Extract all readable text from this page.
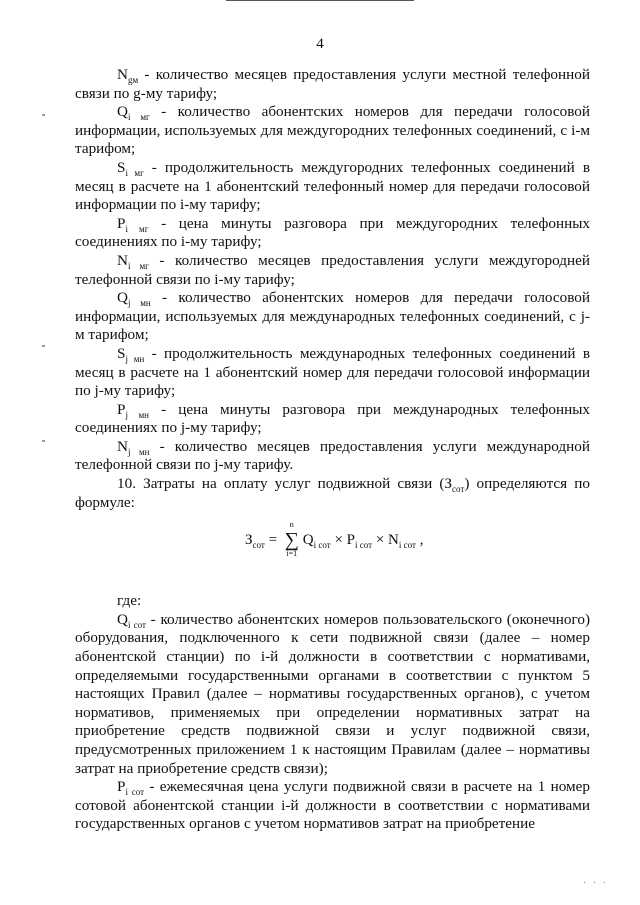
4

$N_{gм}$ - количество месяцев предоставления услуги местной телефонной связи по g-му тарифу;

$Q_{i мг}$ - количество абонентских номеров для передачи голосовой информации, используемых для междугородних телефонных соединений, с i-м тарифом;

$S_{i мг}$ - продолжительность междугородних телефонных соединений в месяц в расчете на 1 абонентский телефонный номер для передачи голосовой информации по i-му тарифу;

$P_{i мг}$ - цена минуты разговора при междугородних телефонных соединениях по i-му тарифу;

$N_{i мг}$ - количество месяцев предоставления услуги междугородней телефонной связи по i-му тарифу;

$Q_{j мн}$ - количество абонентских номеров для передачи голосовой информации, используемых для международных телефонных соединений, с j-м тарифом;

$S_{j мн}$ - продолжительность международных телефонных соединений в месяц в расчете на 1 абонентский номер для передачи голосовой информации по j-му тарифу;

$P_{j мн}$ - цена минуты разговора при международных телефонных соединениях по j-му тарифу;

$N_{j мн}$ - количество месяцев предоставления услуги международной телефонной связи по j-му тарифу.

10. Затраты на оплату услуг подвижной связи $(З_{сот})$ определяются по формуле:

$З_{сот}$ =
n
∑
i=1
$Q_{i сот} \times P_{i сот} \times N_{i сот}$ ,

где:

$Q_{i сот}$ - количество абонентских номеров пользовательского (оконечного) оборудования, подключенного к сети подвижной связи (далее – номер абонентской станции) по i-й должности в соответствии с нормативами, определяемыми государственными органами в соответствии с пунктом 5 настоящих Правил (далее – нормативы государственных органов), с учетом нормативов, применяемых при определении нормативных затрат на приобретение средств подвижной связи и услуг подвижной связи, предусмотренных приложением 1 к настоящим Правилам (далее – нормативы затрат на приобретение средств связи);

$P_{i сот}$ - ежемесячная цена услуги подвижной связи в расчете на 1 номер сотовой абонентской станции i-й должности в соответствии с нормативами государственных органов с учетом нормативов затрат на приобретение

· · ·
